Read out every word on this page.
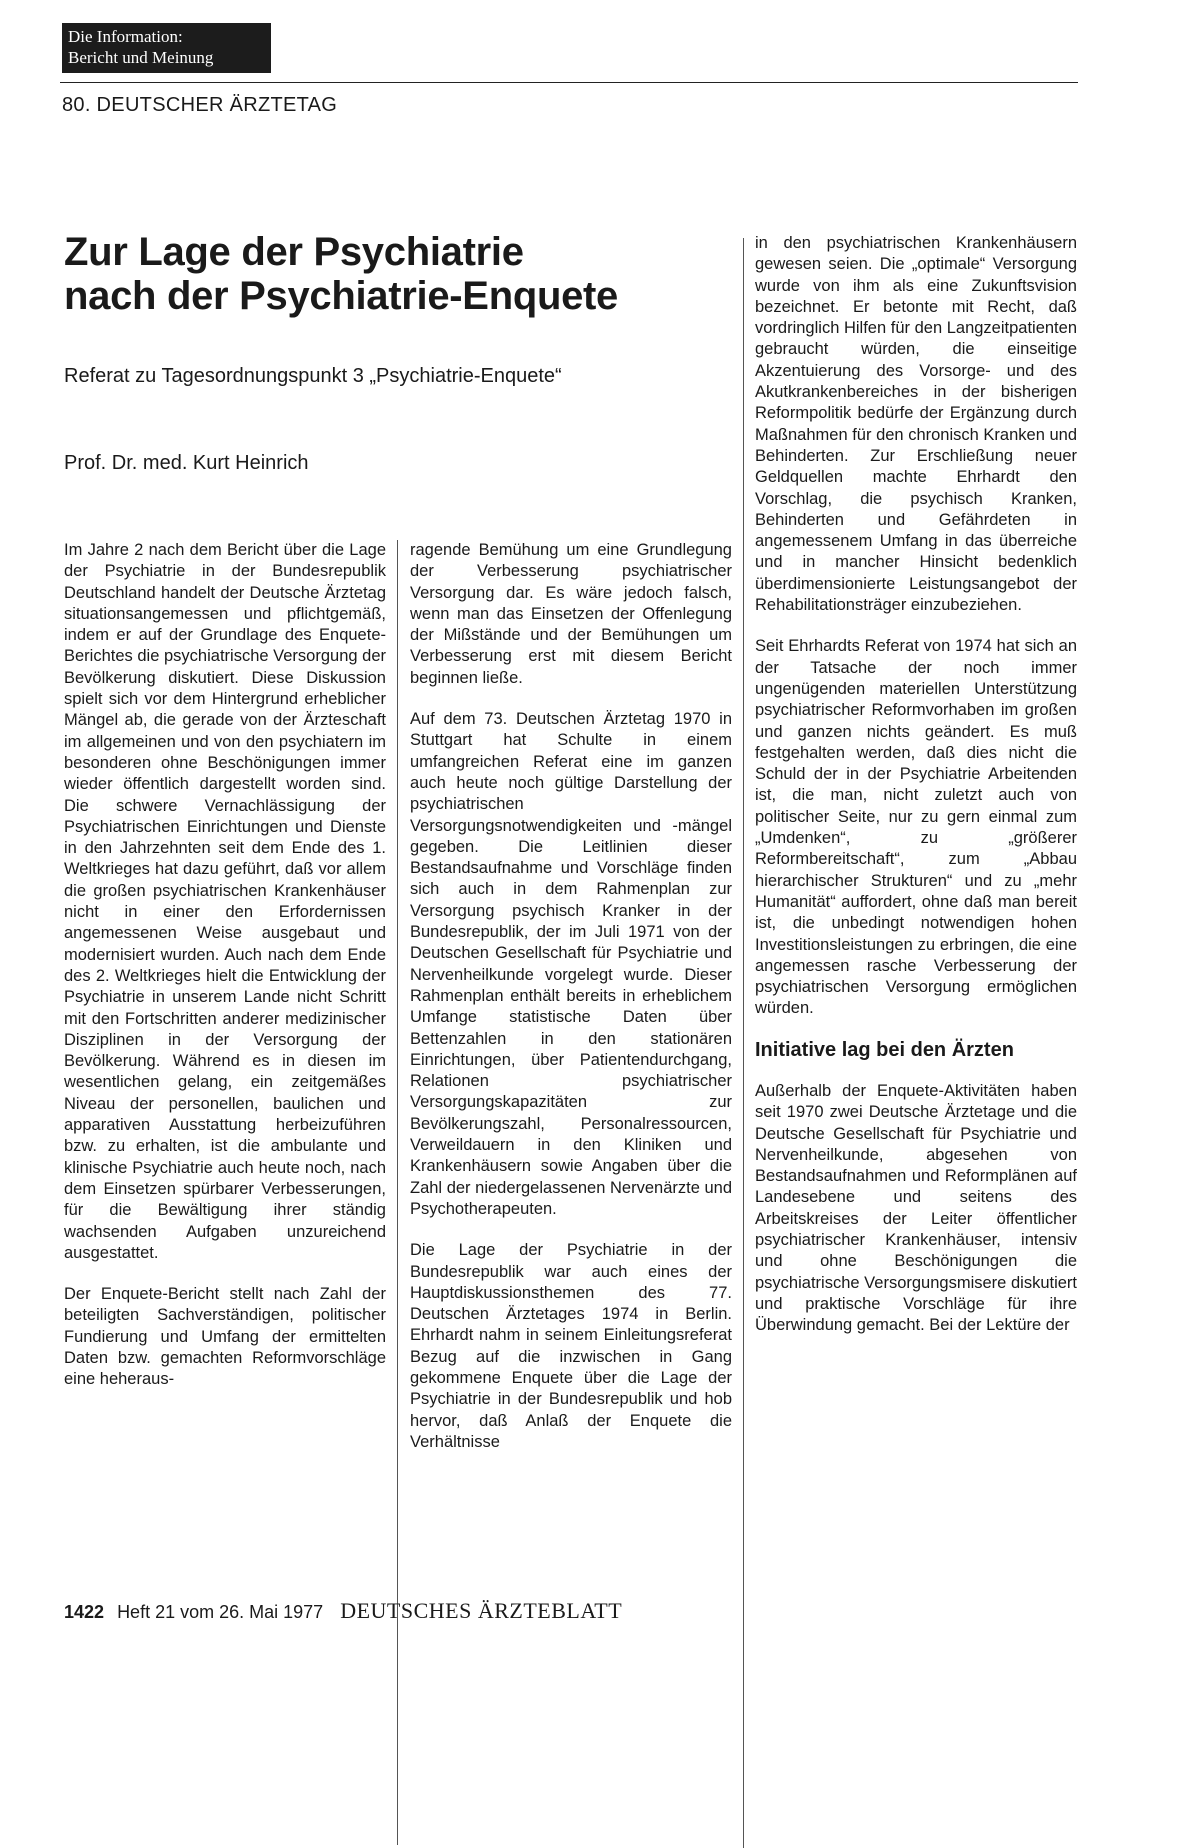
Die Information:
Bericht und Meinung
80. DEUTSCHER ÄRZTETAG
Zur Lage der Psychiatrie
nach der Psychiatrie-Enquete
Referat zu Tagesordnungspunkt 3 „Psychiatrie-Enquete“
Prof. Dr. med. Kurt Heinrich

Im Jahre 2 nach dem Bericht über die Lage der Psychiatrie in der Bundesrepublik Deutschland handelt der Deutsche Ärztetag situationsangemessen und pflichtgemäß, indem er auf der Grundlage des Enquete-Berichtes die psychiatrische Versorgung der Bevölkerung diskutiert. Diese Diskussion spielt sich vor dem Hintergrund erheblicher Mängel ab, die gerade von der Ärzteschaft im allgemeinen und von den psychiatern im besonderen ohne Beschönigungen immer wieder öffentlich dargestellt worden sind. Die schwere Vernachlässigung der Psychiatrischen Einrichtungen und Dienste in den Jahrzehnten seit dem Ende des 1. Weltkrieges hat dazu geführt, daß vor allem die großen psychiatrischen Krankenhäuser nicht in einer den Erfordernissen angemessenen Weise ausgebaut und modernisiert wurden. Auch nach dem Ende des 2. Weltkrieges hielt die Entwicklung der Psychiatrie in unserem Lande nicht Schritt mit den Fortschritten anderer medizinischer Disziplinen in der Versorgung der Bevölkerung. Während es in diesen im wesentlichen gelang, ein zeitgemäßes Niveau der personellen, baulichen und apparativen Ausstattung herbeizuführen bzw. zu erhalten, ist die ambulante und klinische Psychiatrie auch heute noch, nach dem Einsetzen spürbarer Verbesserungen, für die Bewältigung ihrer ständig wachsenden Aufgaben unzureichend ausgestattet.

Der Enquete-Bericht stellt nach Zahl der beteiligten Sachverständigen, politischer Fundierung und Umfang der ermittelten Daten bzw. gemachten Reformvorschläge eine heheraus-

ragende Bemühung um eine Grundlegung der Verbesserung psychiatrischer Versorgung dar. Es wäre jedoch falsch, wenn man das Einsetzen der Offenlegung der Mißstände und der Bemühungen um Verbesserung erst mit diesem Bericht beginnen ließe.

Auf dem 73. Deutschen Ärztetag 1970 in Stuttgart hat Schulte in einem umfangreichen Referat eine im ganzen auch heute noch gültige Darstellung der psychiatrischen Versorgungsnotwendigkeiten und -mängel gegeben. Die Leitlinien dieser Bestandsaufnahme und Vorschläge finden sich auch in dem Rahmenplan zur Versorgung psychisch Kranker in der Bundesrepublik, der im Juli 1971 von der Deutschen Gesellschaft für Psychiatrie und Nervenheilkunde vorgelegt wurde. Dieser Rahmenplan enthält bereits in erheblichem Umfange statistische Daten über Bettenzahlen in den stationären Einrichtungen, über Patientendurchgang, Relationen psychiatrischer Versorgungskapazitäten zur Bevölkerungszahl, Personalressourcen, Verweildauern in den Kliniken und Krankenhäusern sowie Angaben über die Zahl der niedergelassenen Nervenärzte und Psychotherapeuten.

Die Lage der Psychiatrie in der Bundesrepublik war auch eines der Hauptdiskussionsthemen des 77. Deutschen Ärztetages 1974 in Berlin. Ehrhardt nahm in seinem Einleitungsreferat Bezug auf die inzwischen in Gang gekommene Enquete über die Lage der Psychiatrie in der Bundesrepublik und hob hervor, daß Anlaß der Enquete die Verhältnisse

in den psychiatrischen Krankenhäusern gewesen seien. Die „optimale“ Versorgung wurde von ihm als eine Zukunftsvision bezeichnet. Er betonte mit Recht, daß vordringlich Hilfen für den Langzeitpatienten gebraucht würden, die einseitige Akzentuierung des Vorsorge- und des Akutkrankenbereiches in der bisherigen Reformpolitik bedürfe der Ergänzung durch Maßnahmen für den chronisch Kranken und Behinderten. Zur Erschließung neuer Geldquellen machte Ehrhardt den Vorschlag, die psychisch Kranken, Behinderten und Gefährdeten in angemessenem Umfang in das überreiche und in mancher Hinsicht bedenklich überdimensionierte Leistungsangebot der Rehabilitationsträger einzubeziehen.

Seit Ehrhardts Referat von 1974 hat sich an der Tatsache der noch immer ungenügenden materiellen Unterstützung psychiatrischer Reformvorhaben im großen und ganzen nichts geändert. Es muß festgehalten werden, daß dies nicht die Schuld der in der Psychiatrie Arbeitenden ist, die man, nicht zuletzt auch von politischer Seite, nur zu gern einmal zum „Umdenken“, zu „größerer Reformbereitschaft“, zum „Abbau hierarchischer Strukturen“ und zu „mehr Humanität“ auffordert, ohne daß man bereit ist, die unbedingt notwendigen hohen Investitionsleistungen zu erbringen, die eine angemessen rasche Verbesserung der psychiatrischen Versorgung ermöglichen würden.

Initiative lag bei den Ärzten

Außerhalb der Enquete-Aktivitäten haben seit 1970 zwei Deutsche Ärztetage und die Deutsche Gesellschaft für Psychiatrie und Nervenheilkunde, abgesehen von Bestandsaufnahmen und Reformplänen auf Landesebene und seitens des Arbeitskreises der Leiter öffentlicher psychiatrischer Krankenhäuser, intensiv und ohne Beschönigungen die psychiatrische Versorgungsmisere diskutiert und praktische Vorschläge für ihre Überwindung gemacht. Bei der Lektüre der

1422 Heft 21 vom 26. Mai 1977 DEUTSCHES ÄRZTEBLATT
